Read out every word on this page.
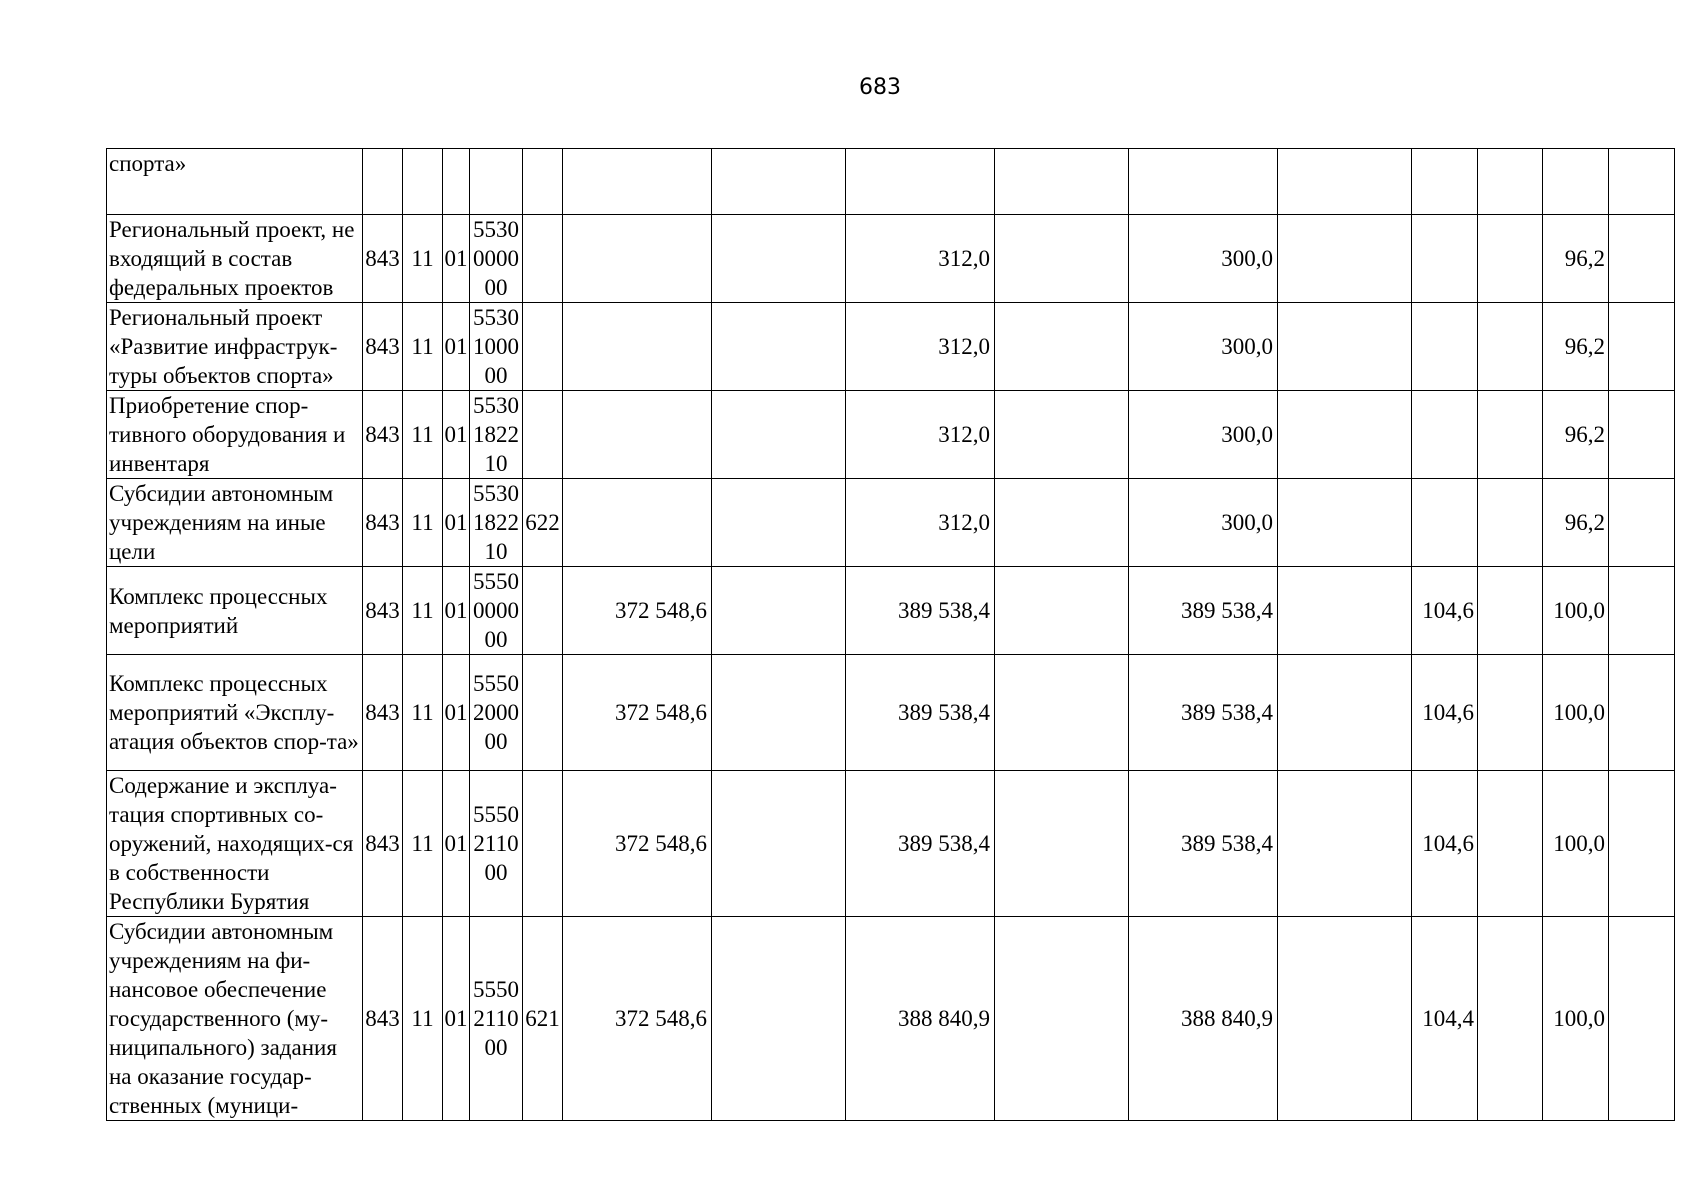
683
спорта»															
Региональный проект, не входящий в состав федеральных проектов	843	11	01	5530000000				312,0		300,0				96,2	
Региональный проект «Развитие инфраструк-туры объектов спорта»	843	11	01	5530100000				312,0		300,0				96,2	
Приобретение спор-тивного оборудования и инвентаря	843	11	01	5530182210				312,0		300,0				96,2	
Субсидии автономным учреждениям на иные цели	843	11	01	5530182210	622			312,0		300,0				96,2	
Комплекс процессных мероприятий	843	11	01	5550000000		372 548,6		389 538,4		389 538,4		104,6		100,0	
Комплекс процессных мероприятий «Эксплу-атация объектов спор-та»	843	11	01	5550200000		372 548,6		389 538,4		389 538,4		104,6		100,0	
Содержание и эксплуа-тация спортивных со-оружений, находящих-ся в собственности Республики Бурятия	843	11	01	5550211000		372 548,6		389 538,4		389 538,4		104,6		100,0	
Субсидии автономным учреждениям на фи-нансовое обеспечение государственного (му-ниципального) задания на оказание государ-ственных (муници-	843	11	01	5550211000	621	372 548,6		388 840,9		388 840,9		104,4		100,0	
